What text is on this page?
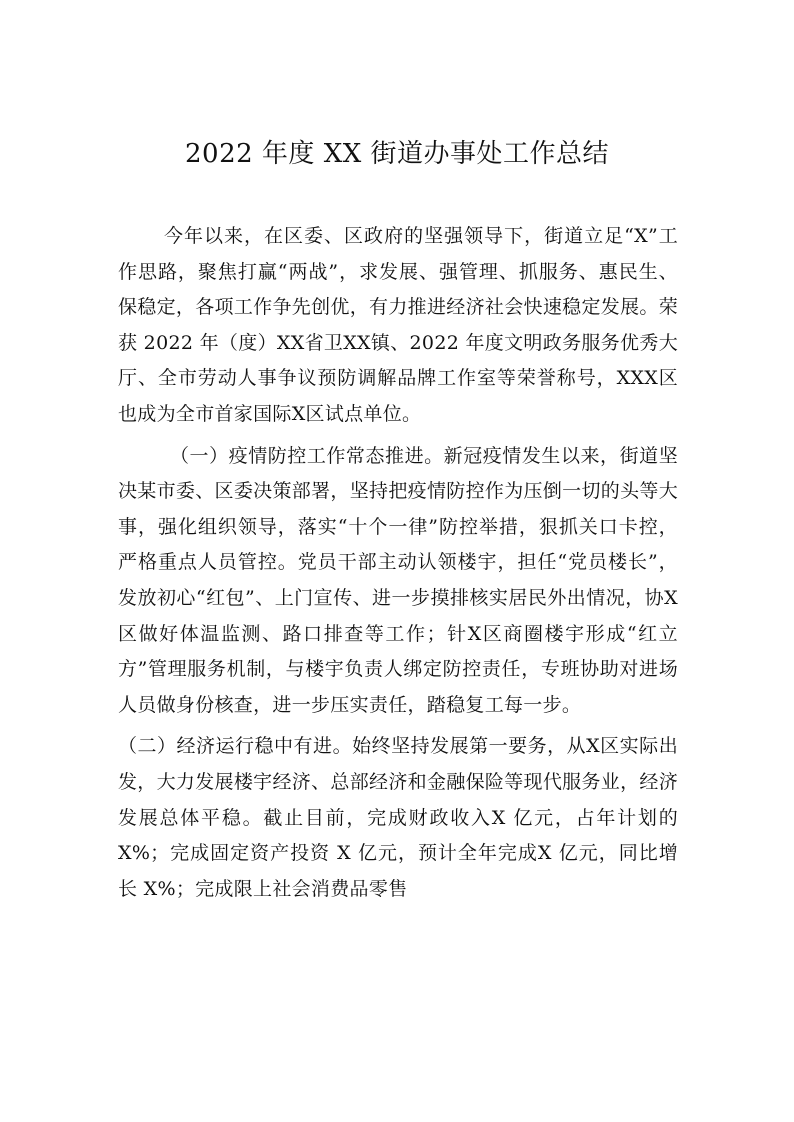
2022 年度 XX 街道办事处工作总结

今年以来，在区委、区政府的坚强领导下，街道立足“X”工作思路，聚焦打赢“两战”，求发展、强管理、抓服务、惠民生、保稳定，各项工作争先创优，有力推进经济社会快速稳定发展。荣获 2022 年（度）XX省卫XX镇、2022 年度文明政务服务优秀大厅、全市劳动人事争议预防调解品牌工作室等荣誉称号，XXX区也成为全市首家国际X区试点单位。

（一）疫情防控工作常态推进。新冠疫情发生以来，街道坚决某市委、区委决策部署，坚持把疫情防控作为压倒一切的头等大事，强化组织领导，落实“十个一律”防控举措，狠抓关口卡控，严格重点人员管控。党员干部主动认领楼宇，担任“党员楼长”，发放初心“红包”、上门宣传、进一步摸排核实居民外出情况，协X区做好体温监测、路口排查等工作；针X区商圈楼宇形成“红立方”管理服务机制，与楼宇负责人绑定防控责任，专班协助对进场人员做身份核查，进一步压实责任，踏稳复工每一步。

（二）经济运行稳中有进。始终坚持发展第一要务，从X区实际出发，大力发展楼宇经济、总部经济和金融保险等现代服务业，经济发展总体平稳。截止目前，完成财政收入X 亿元，占年计划的 X%；完成固定资产投资 X 亿元，预计全年完成X 亿元，同比增长 X%；完成限上社会消费品零售
